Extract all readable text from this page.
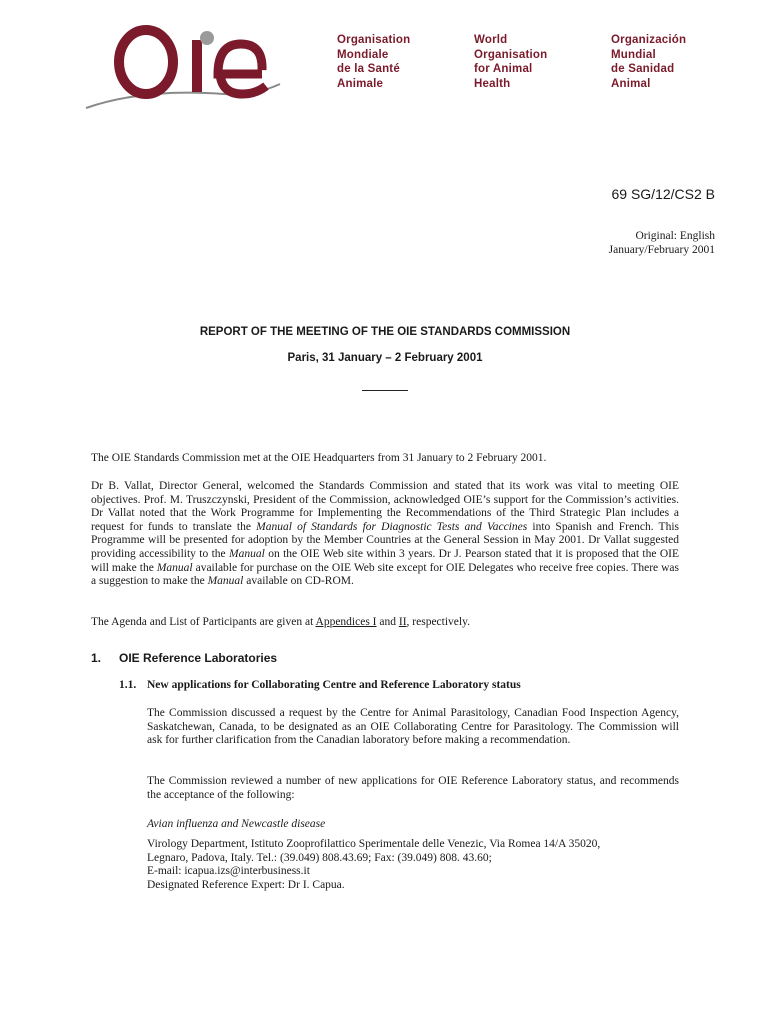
Organisation
Mondiale
de la Santé
Animale
World
Organisation
for Animal
Health
Organización
Mundial
de Sanidad
Animal
69 SG/12/CS2 B
Original: English
January/February 2001
REPORT OF THE MEETING OF THE OIE STANDARDS COMMISSION
Paris, 31 January – 2 February 2001
The OIE Standards Commission met at the OIE Headquarters from 31 January to 2 February 2001.
Dr B. Vallat, Director General, welcomed the Standards Commission and stated that its work was vital to meeting OIE objectives. Prof. M. Truszczynski, President of the Commission, acknowledged OIE’s support for the Commission’s activities. Dr Vallat noted that the Work Programme for Implementing the Recommendations of the Third Strategic Plan includes a request for funds to translate the Manual of Standards for Diagnostic Tests and Vaccines into Spanish and French. This Programme will be presented for adoption by the Member Countries at the General Session in May 2001. Dr Vallat suggested providing accessibility to the Manual on the OIE Web site within 3 years. Dr J. Pearson stated that it is proposed that the OIE will make the Manual available for purchase on the OIE Web site except for OIE Delegates who receive free copies. There was a suggestion to make the Manual available on CD-ROM.
The Agenda and List of Participants are given at Appendices I and II, respectively.
1. OIE Reference Laboratories
1.1. New applications for Collaborating Centre and Reference Laboratory status
The Commission discussed a request by the Centre for Animal Parasitology, Canadian Food Inspection Agency, Saskatchewan, Canada, to be designated as an OIE Collaborating Centre for Parasitology. The Commission will ask for further clarification from the Canadian laboratory before making a recommendation.
The Commission reviewed a number of new applications for OIE Reference Laboratory status, and recommends the acceptance of the following:
Avian influenza and Newcastle disease
Virology Department, Istituto Zooprofilattico Sperimentale delle Venezic, Via Romea 14/A 35020,
Legnaro, Padova, Italy. Tel.: (39.049) 808.43.69; Fax: (39.049) 808. 43.60;
E-mail: icapua.izs@interbusiness.it
Designated Reference Expert: Dr I. Capua.
